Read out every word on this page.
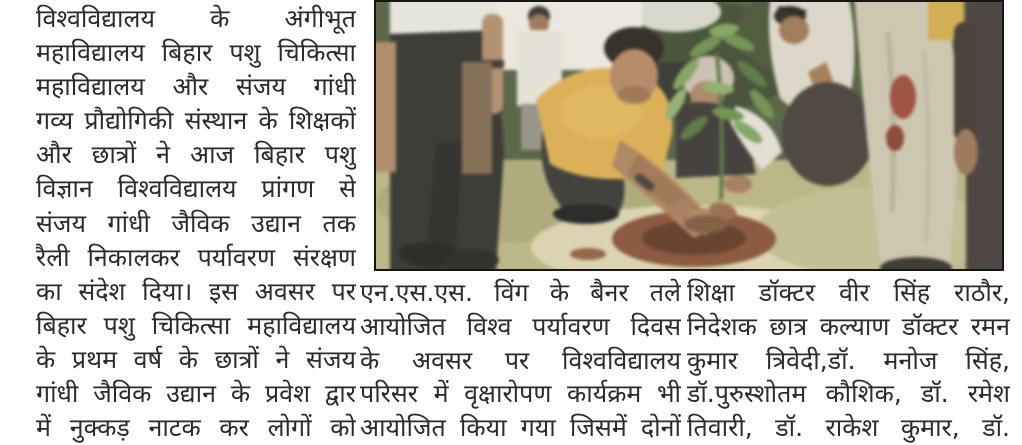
विश्वविद्यालय के अंगीभूत
महाविद्यालय बिहार पशु चिकित्सा
महाविद्यालय और संजय गांधी
गव्य प्रौद्योगिकी संस्थान के शिक्षकों
और छात्रों ने आज बिहार पशु
विज्ञान विश्वविद्यालय प्रांगण से
संजय गांधी जैविक उद्यान तक
रैली निकालकर पर्यावरण संरक्षण
का संदेश दिया। इस अवसर पर
बिहार पशु चिकित्सा महाविद्यालय
के प्रथम वर्ष के छात्रों ने संजय
गांधी जैविक उद्यान के प्रवेश द्वार
में नुक्कड़ नाटक कर लोगों को
एन.एस.एस. विंग के बैनर तले
आयोजित विश्व पर्यावरण दिवस
के अवसर पर विश्वविद्यालय
परिसर में वृक्षारोपण कार्यक्रम भी
आयोजित किया गया जिसमें दोनों
शिक्षा डॉक्टर वीर सिंह राठौर,
निदेशक छात्र कल्याण डॉक्टर रमन
कुमार त्रिवेदी,डॉ. मनोज सिंह,
डॉ.पुरुस्शोतम कौशिक, डॉ. रमेश
तिवारी, डॉ. राकेश कुमार, डॉ.
